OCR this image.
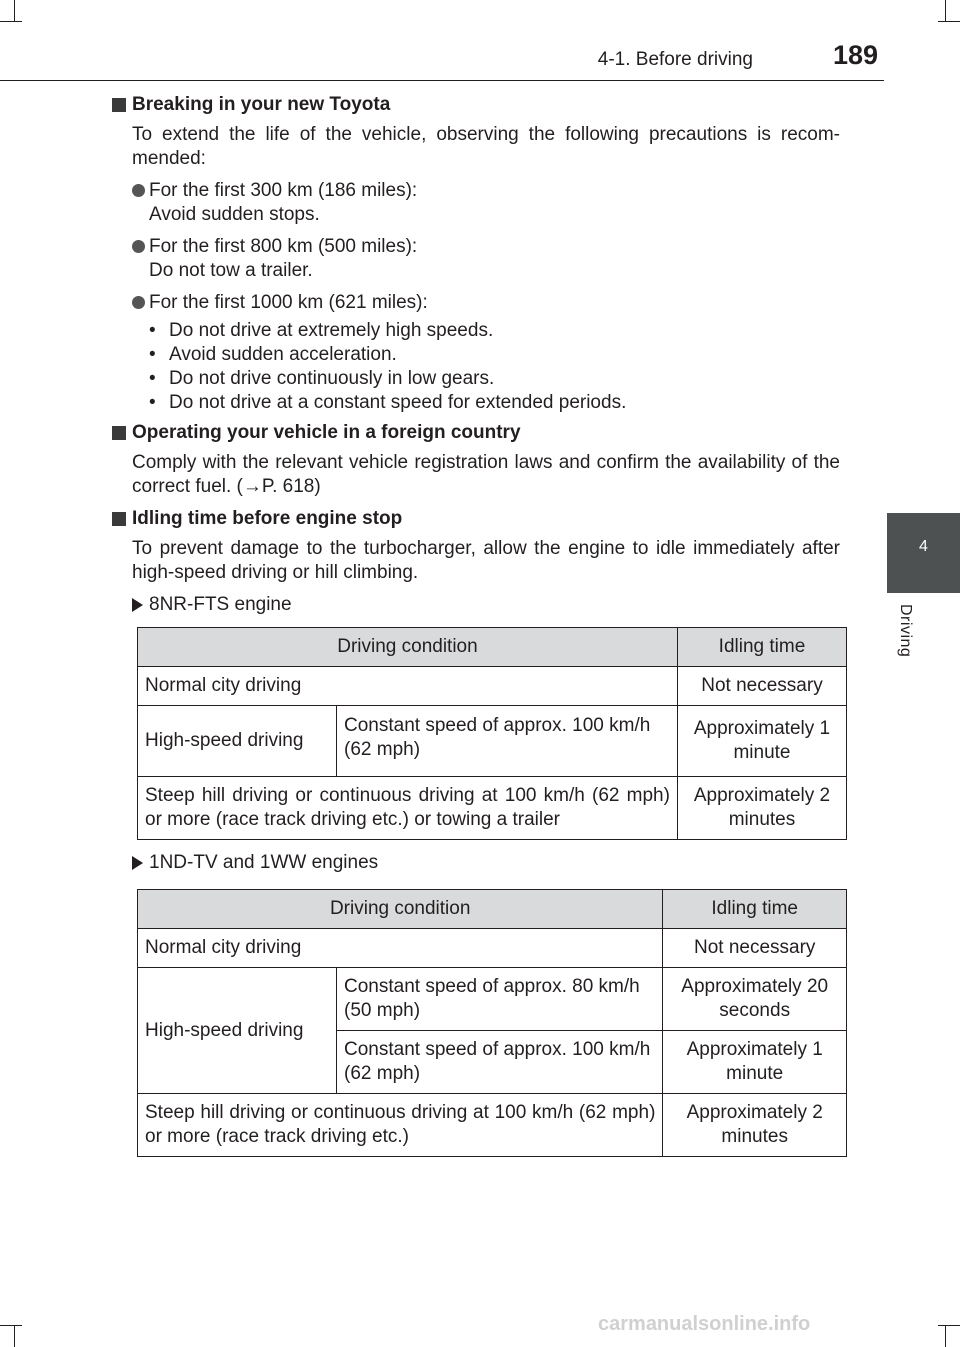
4-1. Before driving	189
4
Driving
Breaking in your new Toyota
To extend the life of the vehicle, observing the following precautions is recom-mended:
For the first 300 km (186 miles):
Avoid sudden stops.
For the first 800 km (500 miles):
Do not tow a trailer.
For the first 1000 km (621 miles):
• Do not drive at extremely high speeds.
• Avoid sudden acceleration.
• Do not drive continuously in low gears.
• Do not drive at a constant speed for extended periods.
Operating your vehicle in a foreign country
Comply with the relevant vehicle registration laws and confirm the availability of the correct fuel. (→P. 618)
Idling time before engine stop
To prevent damage to the turbocharger, allow the engine to idle immediately after high-speed driving or hill climbing.
8NR-FTS engine
Driving condition		Idling time
Normal city driving		Not necessary
High-speed driving	Constant speed of approx. 100 km/h (62 mph)	Approximately 1 minute
Steep hill driving or continuous driving at 100 km/h (62 mph) or more (race track driving etc.) or towing a trailer		Approximately 2 minutes
1ND-TV and 1WW engines
Driving condition		Idling time
Normal city driving		Not necessary
High-speed driving	Constant speed of approx. 80 km/h (50 mph)	Approximately 20 seconds
	Constant speed of approx. 100 km/h (62 mph)	Approximately 1 minute
Steep hill driving or continuous driving at 100 km/h (62 mph) or more (race track driving etc.)		Approximately 2 minutes
carmanualsonline.info
